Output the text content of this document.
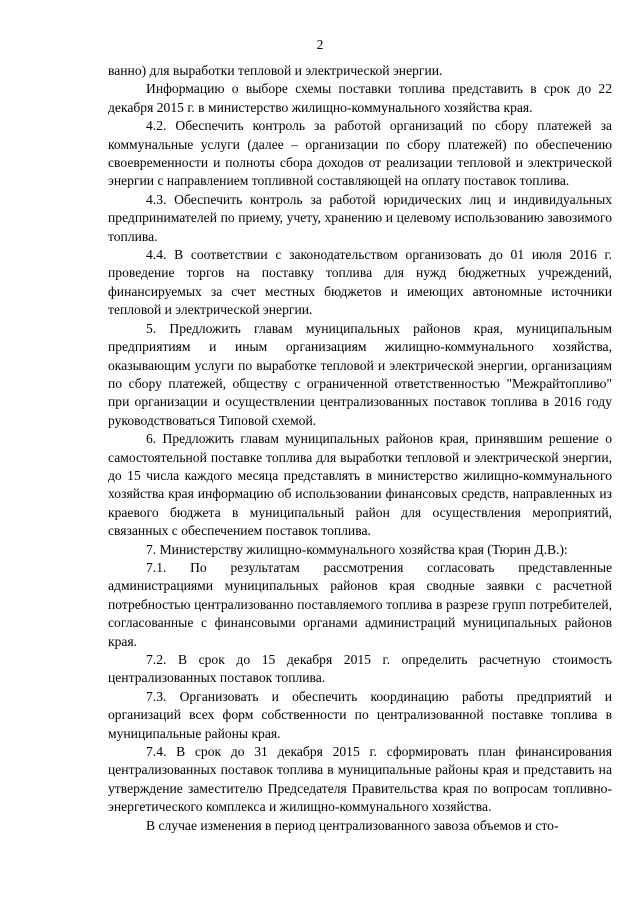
2

ванно) для выработки тепловой и электрической энергии.

Информацию о выборе схемы поставки топлива представить в срок до 22 декабря 2015 г. в министерство жилищно-коммунального хозяйства края.

4.2. Обеспечить контроль за работой организаций по сбору платежей за коммунальные услуги (далее – организации по сбору платежей) по обеспечению своевременности и полноты сбора доходов от реализации тепловой и электрической энергии с направлением топливной составляющей на оплату поставок топлива.

4.3. Обеспечить контроль за работой юридических лиц и индивидуальных предпринимателей по приему, учету, хранению и целевому использованию завозимого топлива.

4.4. В соответствии с законодательством организовать до 01 июля 2016 г. проведение торгов на поставку топлива для нужд бюджетных учреждений, финансируемых за счет местных бюджетов и имеющих автономные источники тепловой и электрической энергии.

5. Предложить главам муниципальных районов края, муниципальным предприятиям и иным организациям жилищно-коммунального хозяйства, оказывающим услуги по выработке тепловой и электрической энергии, организациям по сбору платежей, обществу с ограниченной ответственностью "Межрайтопливо" при организации и осуществлении централизованных поставок топлива в 2016 году руководствоваться Типовой схемой.

6. Предложить главам муниципальных районов края, принявшим решение о самостоятельной поставке топлива для выработки тепловой и электрической энергии, до 15 числа каждого месяца представлять в министерство жилищно-коммунального хозяйства края информацию об использовании финансовых средств, направленных из краевого бюджета в муниципальный район для осуществления мероприятий, связанных с обеспечением поставок топлива.

7. Министерству жилищно-коммунального хозяйства края (Тюрин Д.В.):

7.1. По результатам рассмотрения согласовать представленные администрациями муниципальных районов края сводные заявки с расчетной потребностью централизованно поставляемого топлива в разрезе групп потребителей, согласованные с финансовыми органами администраций муниципальных районов края.

7.2. В срок до 15 декабря 2015 г. определить расчетную стоимость централизованных поставок топлива.

7.3. Организовать и обеспечить координацию работы предприятий и организаций всех форм собственности по централизованной поставке топлива в муниципальные районы края.

7.4. В срок до 31 декабря 2015 г. сформировать план финансирования централизованных поставок топлива в муниципальные районы края и представить на утверждение заместителю Председателя Правительства края по вопросам топливно-энергетического комплекса и жилищно-коммунального хозяйства.

В случае изменения в период централизованного завоза объемов и сто-
